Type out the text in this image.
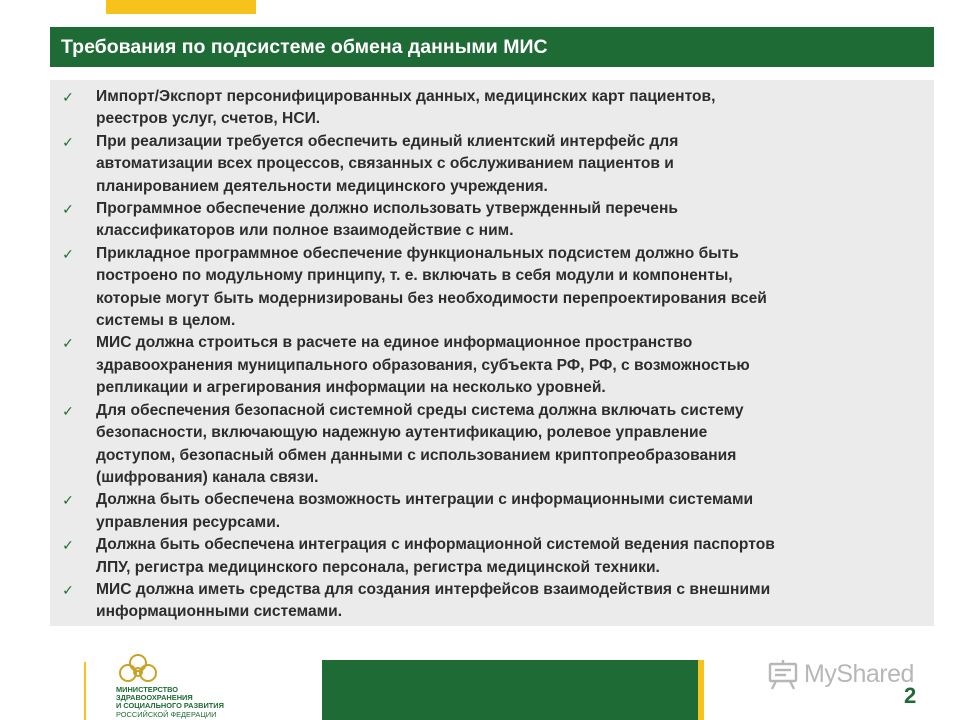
Требования по подсистеме обмена данными МИС
✓ Импорт/Экспорт персонифицированных данных, медицинских карт пациентов,
реестров услуг, счетов, НСИ.
✓ При реализации требуется обеспечить единый клиентский интерфейс для
автоматизации всех процессов, связанных с обслуживанием пациентов и
планированием деятельности медицинского учреждения.
✓ Программное обеспечение должно использовать утвержденный перечень
классификаторов или полное взаимодействие с ним.
✓ Прикладное программное обеспечение функциональных подсистем должно быть
построено по модульному принципу, т. е. включать в себя модули и компоненты,
которые могут быть модернизированы без необходимости перепроектирования всей
системы в целом.
✓ МИС должна строиться в расчете на единое информационное пространство
здравоохранения муниципального образования, субъекта РФ, РФ, с возможностью
репликации и агрегирования информации на несколько уровней.
✓ Для обеспечения безопасной системной среды система должна включать систему
безопасности, включающую надежную аутентификацию, ролевое управление
доступом, безопасный обмен данными с использованием криптопреобразования
(шифрования) канала связи.
✓ Должна быть обеспечена возможность интеграции с информационными системами
управления ресурсами.
✓ Должна быть обеспечена интеграция с информационной системой ведения паспортов
ЛПУ, регистра медицинского персонала, регистра медицинской техники.
✓ МИС должна иметь средства для создания интерфейсов взаимодействия с внешними
информационными системами.
МИНИСТЕРСТВО
ЗДРАВООХРАНЕНИЯ
И СОЦИАЛЬНОГО РАЗВИТИЯ
РОССИЙСКОЙ ФЕДЕРАЦИИ
MyShared
2
